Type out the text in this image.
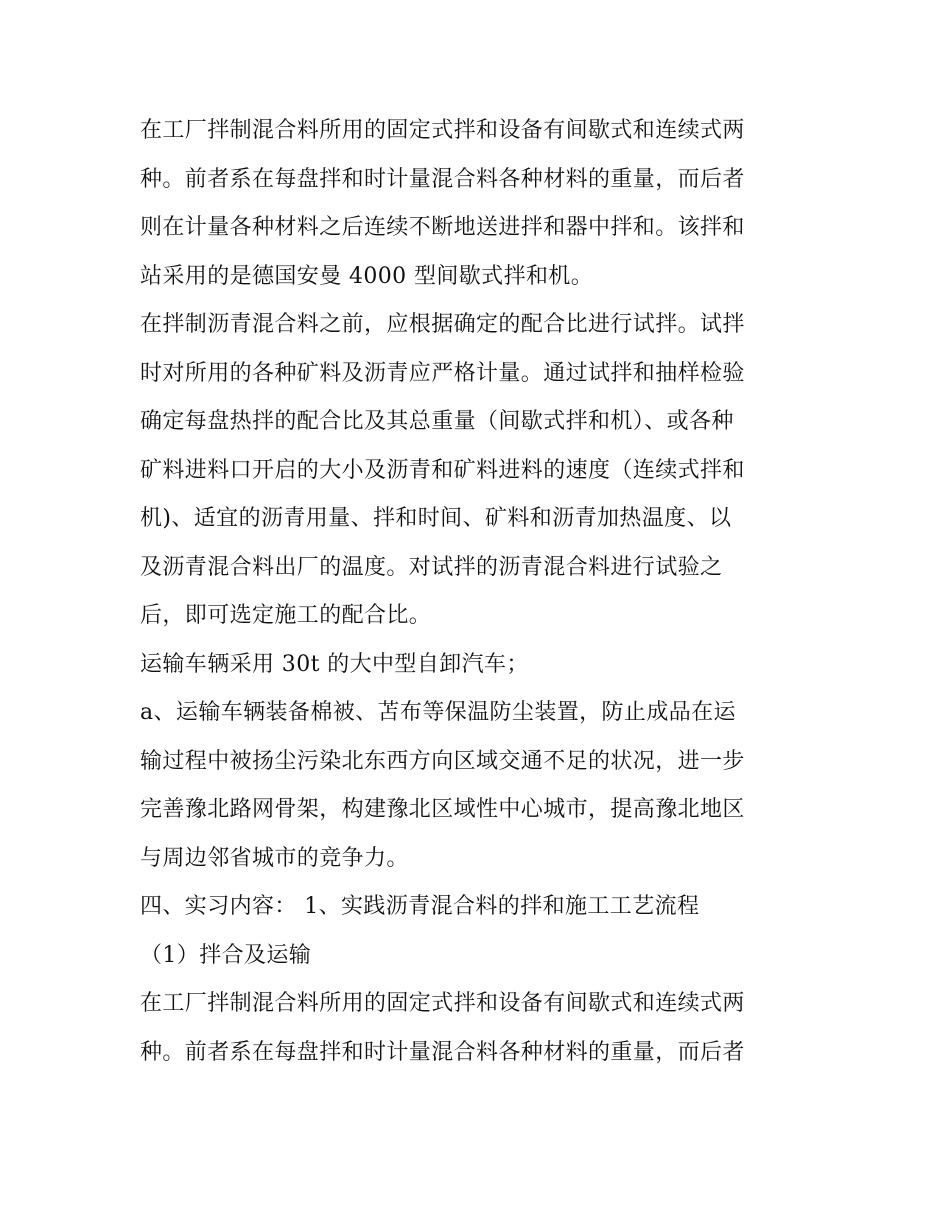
在工厂拌制混合料所用的固定式拌和设备有间歇式和连续式两
种。前者系在每盘拌和时计量混合料各种材料的重量，而后者
则在计量各种材料之后连续不断地送进拌和器中拌和。该拌和
站采用的是德国安曼 4000 型间歇式拌和机。
在拌制沥青混合料之前，应根据确定的配合比进行试拌。试拌
时对所用的各种矿料及沥青应严格计量。通过试拌和抽样检验
确定每盘热拌的配合比及其总重量（间歇式拌和机）、或各种
矿料进料口开启的大小及沥青和矿料进料的速度（连续式拌和
机)、适宜的沥青用量、拌和时间、矿料和沥青加热温度、以
及沥青混合料出厂的温度。对试拌的沥青混合料进行试验之
后，即可选定施工的配合比。
运输车辆采用 30t 的大中型自卸汽车；
a、运输车辆装备棉被、苫布等保温防尘装置，防止成品在运
输过程中被扬尘污染北东西方向区域交通不足的状况，进一步
完善豫北路网骨架，构建豫北区域性中心城市，提高豫北地区
与周边邻省城市的竞争力。
四、实习内容： 1、实践沥青混合料的拌和施工工艺流程
（1）拌合及运输
在工厂拌制混合料所用的固定式拌和设备有间歇式和连续式两
种。前者系在每盘拌和时计量混合料各种材料的重量，而后者
